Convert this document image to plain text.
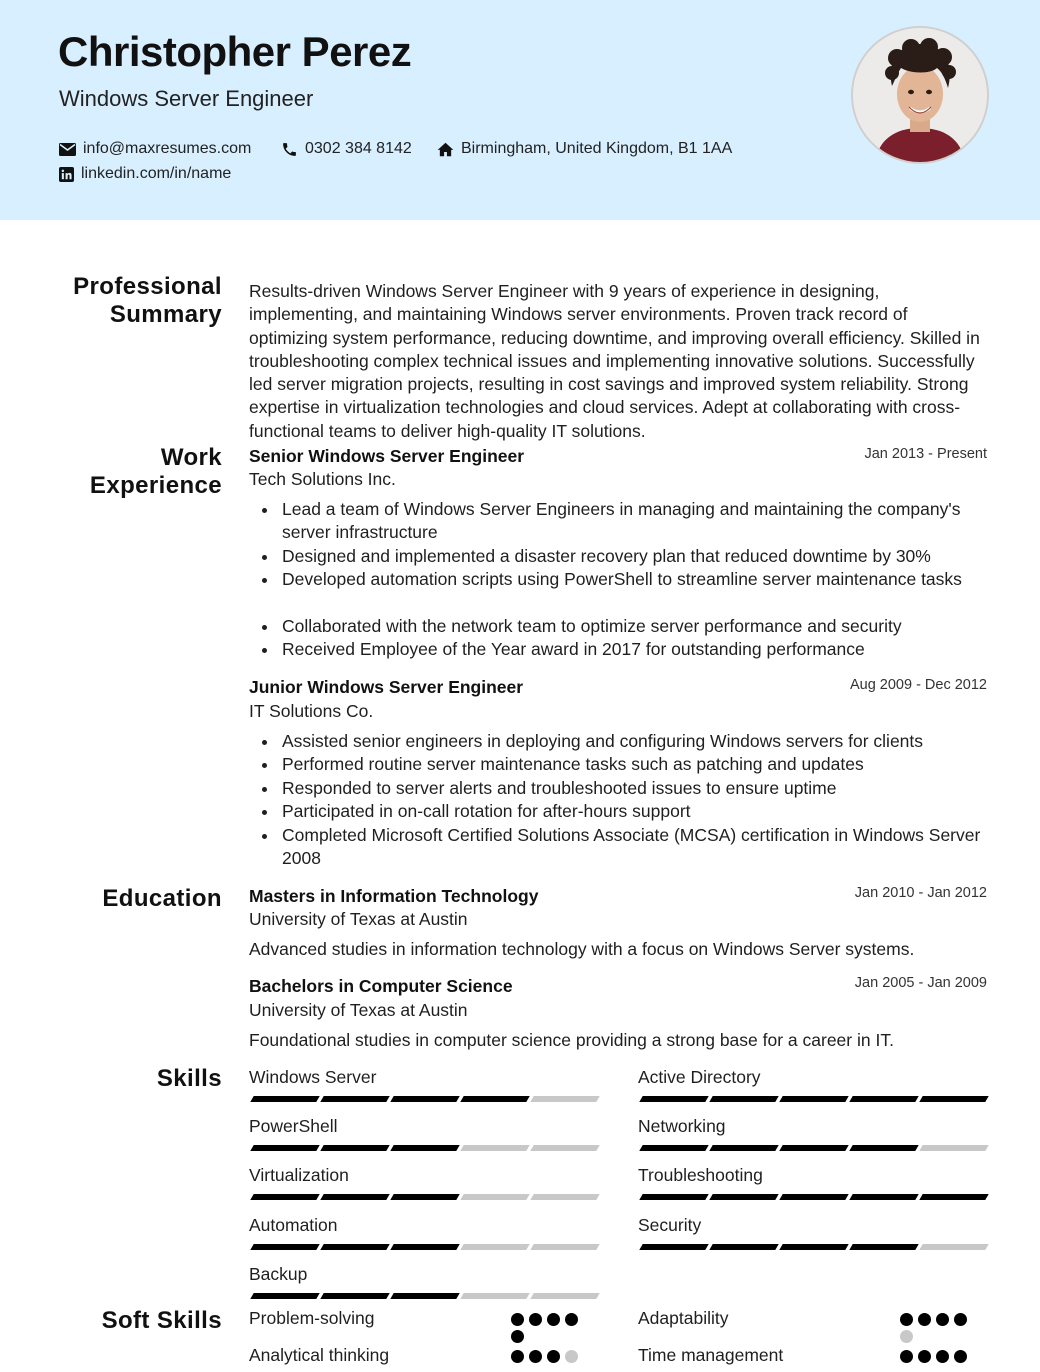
Christopher Perez
Windows Server Engineer
info@maxresumes.com	0302 384 8142	Birmingham, United Kingdom, B1 1AA
linkedin.com/in/name
Professional
Summary
Results-driven Windows Server Engineer with 9 years of experience in designing, implementing, and maintaining Windows server environments. Proven track record of optimizing system performance, reducing downtime, and improving overall efficiency. Skilled in troubleshooting complex technical issues and implementing innovative solutions. Successfully led server migration projects, resulting in cost savings and improved system reliability. Strong expertise in virtualization technologies and cloud services. Adept at collaborating with cross-functional teams to deliver high-quality IT solutions.
Work
Experience
Senior Windows Server Engineer	Jan 2013 - Present
Tech Solutions Inc.
Lead a team of Windows Server Engineers in managing and maintaining the company's server infrastructure
Designed and implemented a disaster recovery plan that reduced downtime by 30%
Developed automation scripts using PowerShell to streamline server maintenance tasks
Collaborated with the network team to optimize server performance and security
Received Employee of the Year award in 2017 for outstanding performance
Junior Windows Server Engineer	Aug 2009 - Dec 2012
IT Solutions Co.
Assisted senior engineers in deploying and configuring Windows servers for clients
Performed routine server maintenance tasks such as patching and updates
Responded to server alerts and troubleshooted issues to ensure uptime
Participated in on-call rotation for after-hours support
Completed Microsoft Certified Solutions Associate (MCSA) certification in Windows Server 2008
Education Masters in Information Technology	Jan 2010 - Jan 2012
University of Texas at Austin
Advanced studies in information technology with a focus on Windows Server systems.
Bachelors in Computer Science	Jan 2005 - Jan 2009
University of Texas at Austin
Foundational studies in computer science providing a strong base for a career in IT.
Skills Windows Server	Active Directory
PowerShell	Networking
Virtualization	Troubleshooting
Automation	Security
Backup
Soft Skills Problem-solving	Adaptability
Analytical thinking	Time management
